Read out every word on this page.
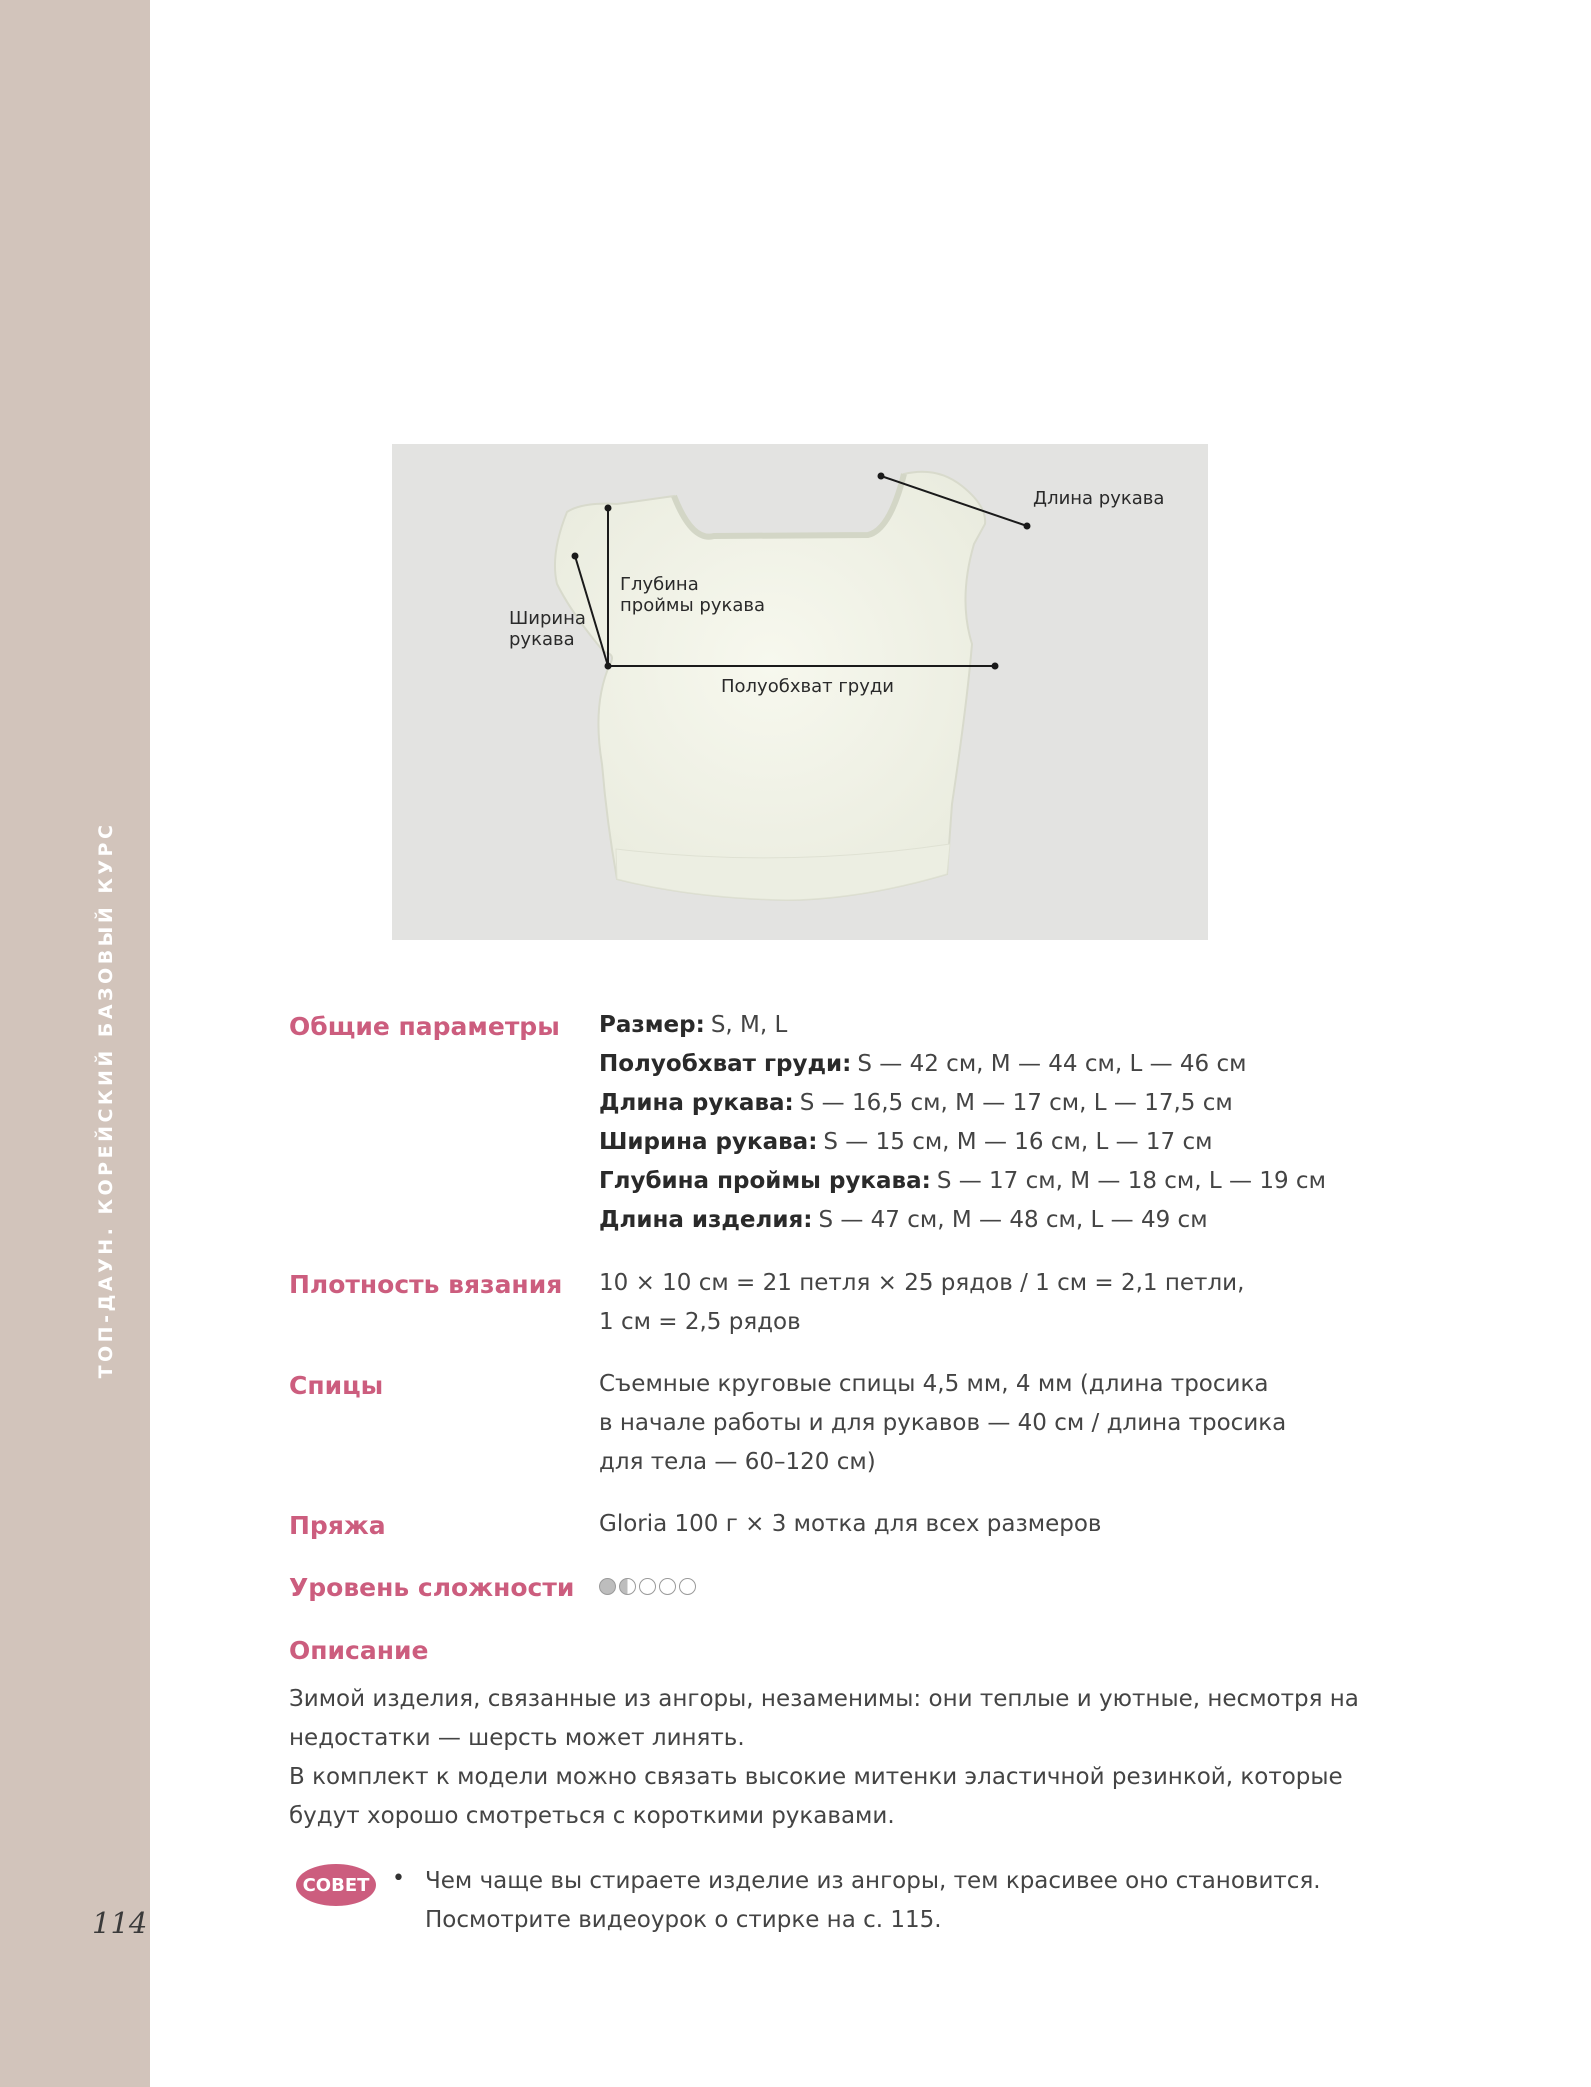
ТОП-ДАУН. КОРЕЙСКИЙ БАЗОВЫЙ КУРС
114
Длина рукава
Глубина
проймы рукава
Ширина
рукава
Полуобхват груди
Общие параметры Размер: S, M, L
Полуобхват груди: S — 42 см, M — 44 см, L — 46 см
Длина рукава: S — 16,5 см, M — 17 см, L — 17,5 см
Ширина рукава: S — 15 см, M — 16 см, L — 17 см
Глубина проймы рукава: S — 17 см, M — 18 см, L — 19 см
Длина изделия: S — 47 см, M — 48 см, L — 49 см
Плотность вязания 10 × 10 см = 21 петля × 25 рядов / 1 см = 2,1 петли,
1 см = 2,5 рядов
Спицы	Съемные круговые спицы 4,5 мм, 4 мм (длина тросика
в начале работы и для рукавов — 40 см / длина тросика
для тела — 60–120 см)
Пряжа	Gloria 100 г × 3 мотка для всех размеров
Уровень сложности
Описание
Зимой изделия, связанные из ангоры, незаменимы: они теплые и уютные, несмотря на
недостатки — шерсть может линять.
В комплект к модели можно связать высокие митенки эластичной резинкой, которые
будут хорошо смотреться с короткими рукавами.
СОВЕТ • Чем чаще вы стираете изделие из ангоры, тем красивее оно становится.
Посмотрите видеоурок о стирке на с. 115.
